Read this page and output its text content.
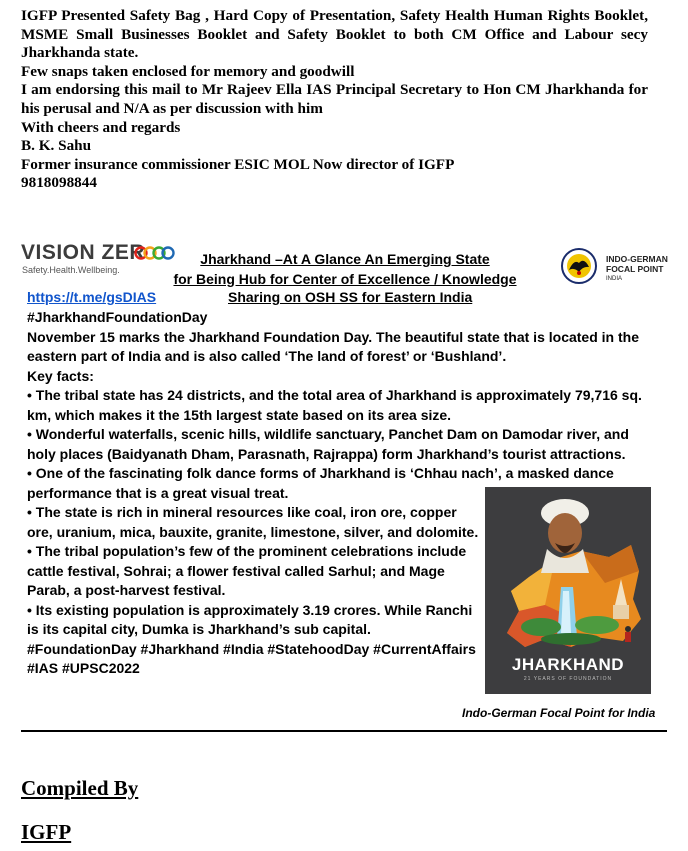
IGFP Presented Safety Bag , Hard Copy of Presentation, Safety Health Human Rights Booklet, MSME Small Businesses Booklet and Safety Booklet to both CM Office and Labour secy Jharkhanda state.

Few snaps taken enclosed for memory and goodwill

I am endorsing this mail to Mr Rajeev Ella IAS Principal Secretary to Hon CM Jharkhanda for his perusal and N/A as per discussion with him

With cheers and regards

B. K. Sahu

Former insurance commissioner ESIC MOL Now director of IGFP

9818098844

VISION ZER
Safety.Health.Wellbeing.
Jharkhand –At A Glance An Emerging State
for Being Hub for Center of Excellence / Knowledge
INDO-GERMAN
FOCAL POINT
INDIA
https://t.me/gsDIAS	Sharing on OSH SS for Eastern India

#JharkhandFoundationDay

November 15 marks the Jharkhand Foundation Day. The beautiful state that is located in the eastern part of India and is also called ‘The land of forest’ or ‘Bushland’.

Key facts:

• The tribal state has 24 districts, and the total area of Jharkhand is approximately 79,716 sq. km, which makes it the 15th largest state based on its area size.

• Wonderful waterfalls, scenic hills, wildlife sanctuary, Panchet Dam on Damodar river, and holy places (Baidyanath Dham, Parasnath, Rajrappa) form Jharkhand’s tourist attractions.

• One of the fascinating folk dance forms of Jharkhand is ‘Chhau nach’, a masked dance performance that is a great visual treat.

• The state is rich in mineral resources like coal, iron ore, copper ore, uranium, mica, bauxite, granite, limestone, silver, and dolomite.

• The tribal population’s few of the prominent celebrations include cattle festival, Sohrai; a flower festival called Sarhul; and Mage Parab, a post-harvest festival.

• Its existing population is approximately 3.19 crores. While Ranchi is its capital city, Dumka is Jharkhand’s sub capital.

#FoundationDay #Jharkhand #India #StatehoodDay #CurrentAffairs

#IAS #UPSC2022	JHARKHAND
21 YEARS OF FOUNDATION
Indo-German Focal Point for India
Compiled By
IGFP
